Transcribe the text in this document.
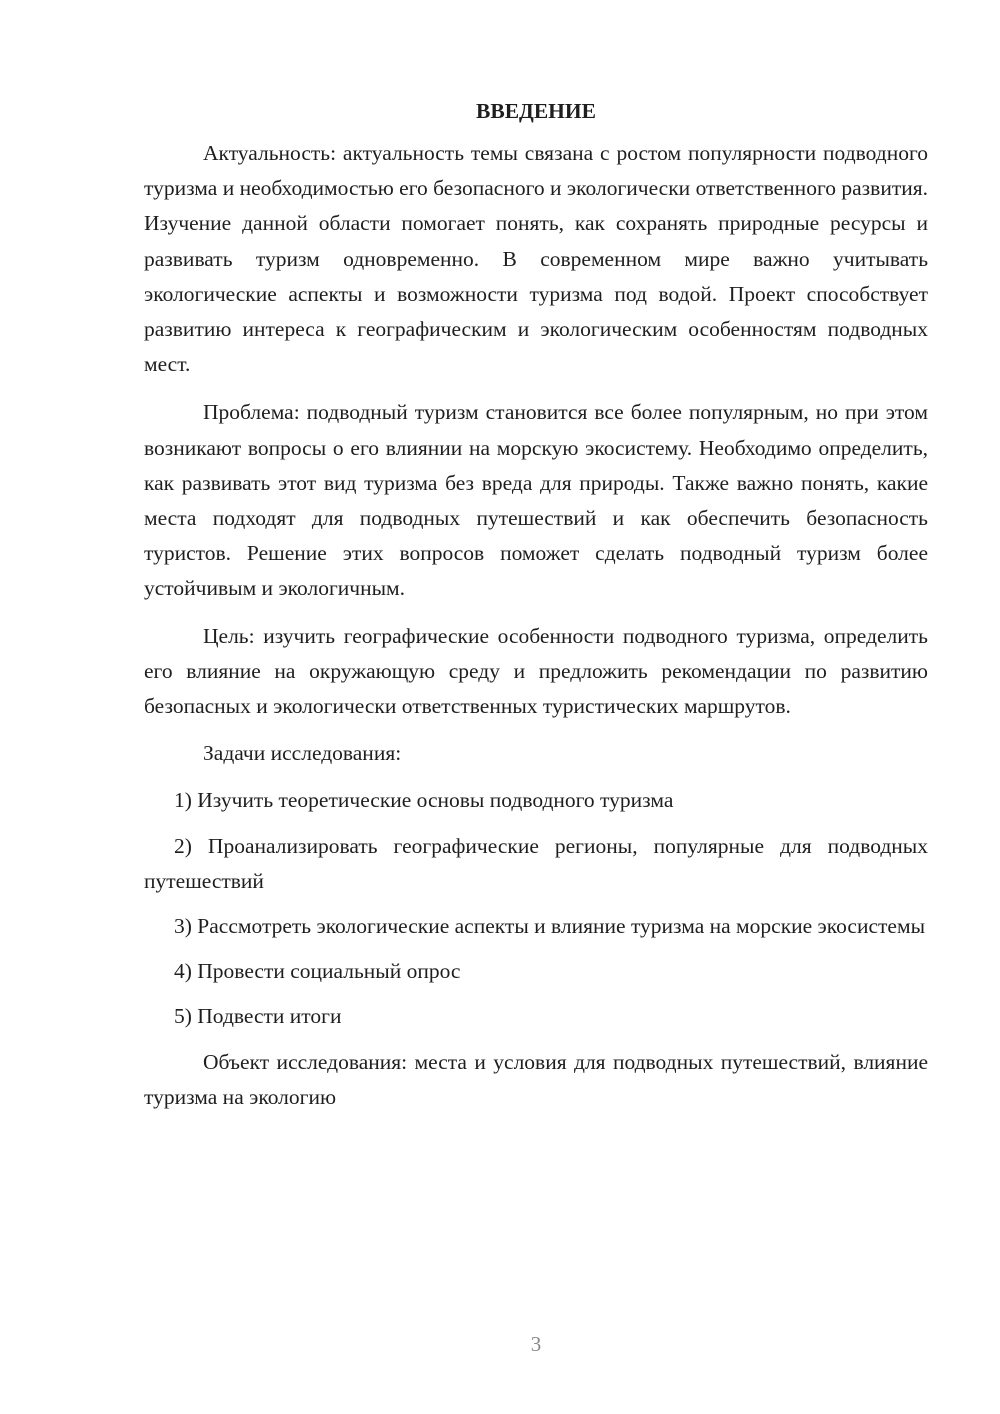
ВВЕДЕНИЕ

Актуальность: актуальность темы связана с ростом популярности подводного туризма и необходимостью его безопасного и экологически ответственного развития. Изучение данной области помогает понять, как сохранять природные ресурсы и развивать туризм одновременно. В современном мире важно учитывать экологические аспекты и возможности туризма под водой. Проект способствует развитию интереса к географическим и экологическим особенностям подводных мест.

Проблема: подводный туризм становится все более популярным, но при этом возникают вопросы о его влиянии на морскую экосистему. Необходимо определить, как развивать этот вид туризма без вреда для природы. Также важно понять, какие места подходят для подводных путешествий и как обеспечить безопасность туристов. Решение этих вопросов поможет сделать подводный туризм более устойчивым и экологичным.

Цель: изучить географические особенности подводного туризма, определить его влияние на окружающую среду и предложить рекомендации по развитию безопасных и экологически ответственных туристических маршрутов.

Задачи исследования:

1) Изучить теоретические основы подводного туризма

2) Проанализировать географические регионы, популярные для подводных путешествий

3) Рассмотреть экологические аспекты и влияние туризма на морские экосистемы

4) Провести социальный опрос

5) Подвести итоги

Объект исследования: места и условия для подводных путешествий, влияние туризма на экологию

3
